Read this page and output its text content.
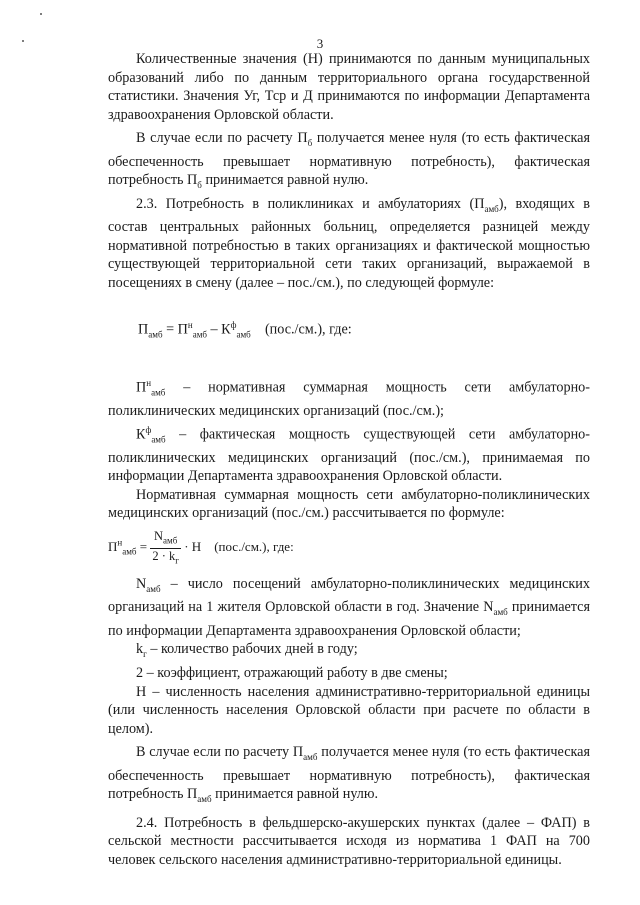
3

Количественные значения (Н) принимаются по данным муниципальных образований либо по данным территориального органа государственной статистики. Значения Уг, Тср и Д принимаются по информации Департамента здравоохранения Орловской области.

В случае если по расчету $П_б$ получается менее нуля (то есть фактическая обеспеченность превышает нормативную потребность), фактическая потребность $П_б$ принимается равной нулю.

2.3. Потребность в поликлиниках и амбулаториях $(П_{амб})$, входящих в состав центральных районных больниц, определяется разницей между нормативной потребностью в таких организациях и фактической мощностью существующей территориальной сети таких организаций, выражаемой в посещениях в смену (далее – пос./см.), по следующей формуле:

$П_{амб} = П^н_{амб} - К^ф_{амб}$ (пос./см.), где:

$П^н_{амб}$ – нормативная суммарная мощность сети амбулаторно-поликлинических медицинских организаций (пос./см.);

$К^ф_{амб}$ – фактическая мощность существующей сети амбулаторно-поликлинических медицинских организаций (пос./см.), принимаемая по информации Департамента здравоохранения Орловской области.

Нормативная суммарная мощность сети амбулаторно-поликлинических медицинских организаций (пос./см.) рассчитывается по формуле:

$П^н_{амб} = \frac{N_{амб}}{2 \cdot k_г} \cdot Н$ (пос./см.), где:

$N_{амб}$ – число посещений амбулаторно-поликлинических медицинских организаций на 1 жителя Орловской области в год. Значение $N_{амб}$ принимается по информации Департамента здравоохранения Орловской области;

$k_г$ – количество рабочих дней в году;

2 – коэффициент, отражающий работу в две смены;

Н – численность населения административно-территориальной единицы (или численность населения Орловской области при расчете по области в целом).

В случае если по расчету $П_{амб}$ получается менее нуля (то есть фактическая обеспеченность превышает нормативную потребность), фактическая потребность $П_{амб}$ принимается равной нулю.

2.4. Потребность в фельдшерско-акушерских пунктах (далее – ФАП) в сельской местности рассчитывается исходя из норматива 1 ФАП на 700 человек сельского населения административно-территориальной единицы.
